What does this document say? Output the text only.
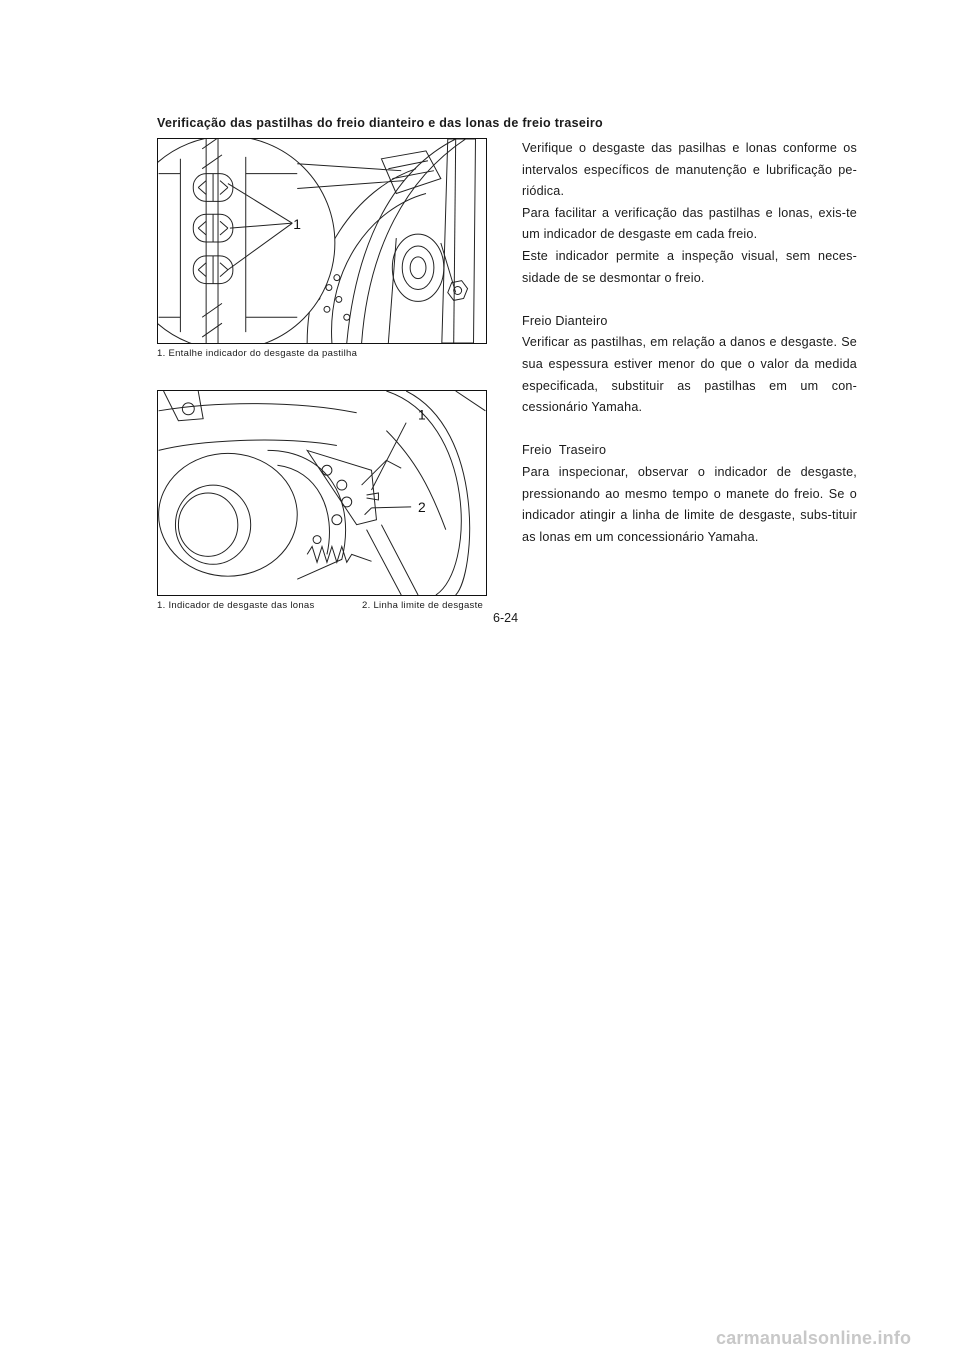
Verificação das pastilhas do freio dianteiro e das lonas de freio traseiro
1
1. Entalhe indicador do desgaste da pastilha
1
2
1. Indicador de desgaste das lonas	2. Linha limite de desgaste

Verifique o desgaste das pasilhas e lonas conforme os intervalos específicos de manutenção e lubrificação pe-riódica.

Para facilitar a verificação das pastilhas e lonas, exis-te um indicador de desgaste em cada freio.

Este indicador permite a inspeção visual, sem neces-sidade de se desmontar o freio.

Freio Dianteiro

Verificar as pastilhas, em relação a danos e desgaste. Se sua espessura estiver menor do que o valor da medida especificada, substituir as pastilhas em um con-cessionário Yamaha.

Freio  Traseiro

Para inspecionar, observar o indicador de desgaste, pressionando ao mesmo tempo o manete do freio. Se o indicador atingir a linha de limite de desgaste, subs-tituir as lonas em um concessionário Yamaha.

6-24
carmanualsonline.info
